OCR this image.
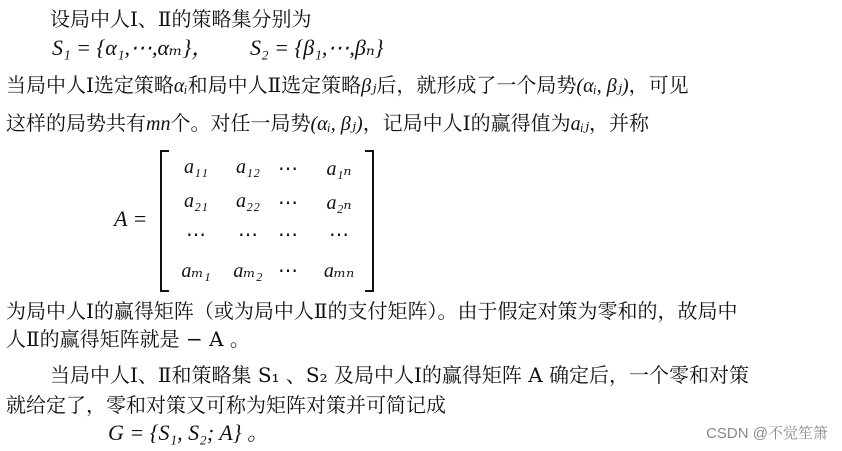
设局中人Ⅰ、Ⅱ的策略集分别为
S₁ = {α₁,⋯,αₘ}， S₂ = {β₁,⋯,βₙ}
当局中人Ⅰ选定策略αᵢ和局中人Ⅱ选定策略βⱼ后，就形成了一个局势(αᵢ, βⱼ)，可见
这样的局势共有mn个。对任一局势(αᵢ, βⱼ)，记局中人Ⅰ的赢得值为aᵢⱼ，并称
A =
a₁₁	a₁₂ ⋯	a₁ₙ
a₂₁	a₂₂ ⋯	a₂ₙ
⋯	⋯	⋯	⋯
aₘ₁	aₘ₂ ⋯	aₘₙ
为局中人Ⅰ的赢得矩阵（或为局中人Ⅱ的支付矩阵）。由于假定对策为零和的，故局中
人Ⅱ的赢得矩阵就是 − A 。
当局中人Ⅰ、Ⅱ和策略集 S₁ 、S₂ 及局中人Ⅰ的赢得矩阵 A 确定后，一个零和对策
就给定了，零和对策又可称为矩阵对策并可简记成
G = {S₁, S₂; A} 。	CSDN @不觉笙箫
